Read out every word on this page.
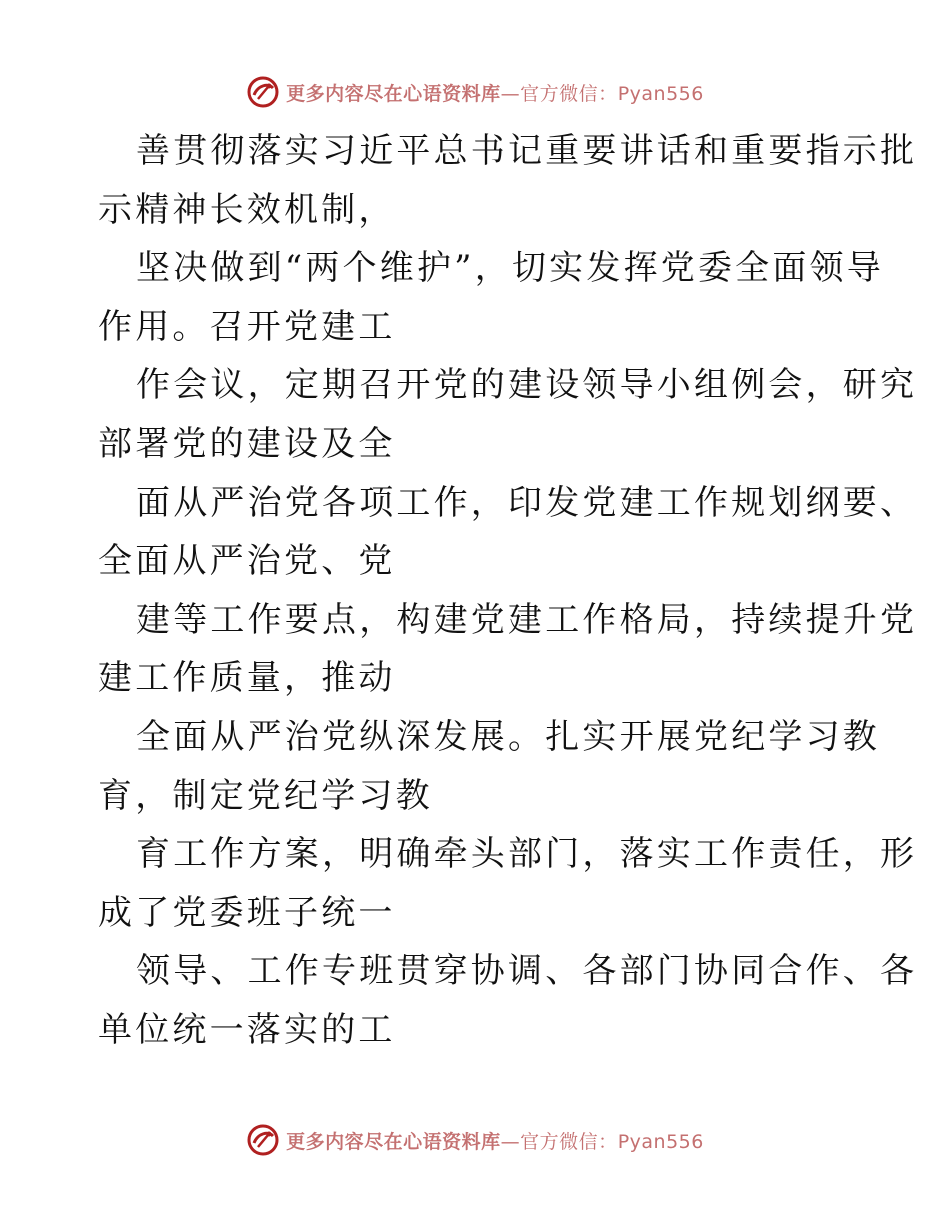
更多内容尽在心语资料库—官方微信：Pyan556
善贯彻落实习近平总书记重要讲话和重要指示批
示精神长效机制，
坚决做到“两个维护”，切实发挥党委全面领导
作用。召开党建工
作会议，定期召开党的建设领导小组例会，研究
部署党的建设及全
面从严治党各项工作，印发党建工作规划纲要、
全面从严治党、党
建等工作要点，构建党建工作格局，持续提升党
建工作质量，推动
全面从严治党纵深发展。扎实开展党纪学习教
育，制定党纪学习教
育工作方案，明确牵头部门，落实工作责任，形
成了党委班子统一
领导、工作专班贯穿协调、各部门协同合作、各
单位统一落实的工
更多内容尽在心语资料库—官方微信：Pyan556
